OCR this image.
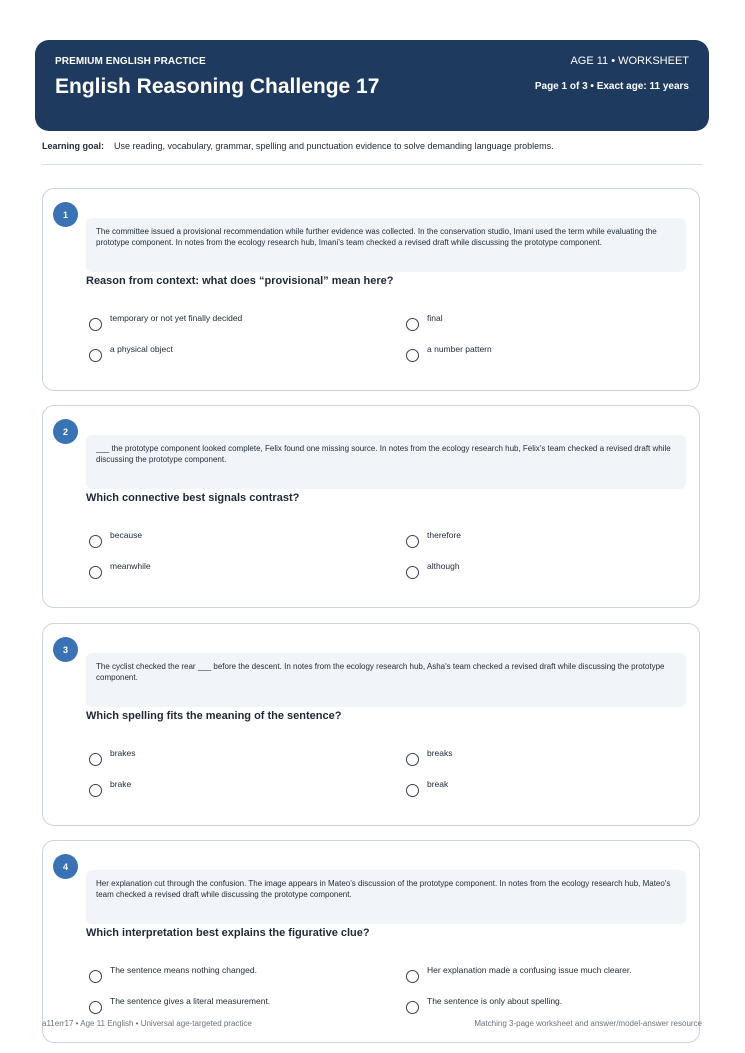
PREMIUM ENGLISH PRACTICE
English Reasoning Challenge 17
AGE 11 • WORKSHEET
Page 1 of 3 • Exact age: 11 years
Learning goal: Use reading, vocabulary, grammar, spelling and punctuation evidence to solve demanding language problems.
1
The committee issued a provisional recommendation while further evidence was collected. In the conservation studio, Imani used the term while evaluating the prototype component. In notes from the ecology research hub, Imani's team checked a revised draft while discussing the prototype component.
Reason from context: what does “provisional” mean here?
temporary or not yet finally decided	final
a physical object	a number pattern
2
___ the prototype component looked complete, Felix found one missing source. In notes from the ecology research hub, Felix's team checked a revised draft while discussing the prototype component.
Which connective best signals contrast?
because	therefore
meanwhile	although
3
The cyclist checked the rear ___ before the descent. In notes from the ecology research hub, Asha's team checked a revised draft while discussing the prototype component.
Which spelling fits the meaning of the sentence?
brakes	breaks
brake	break
4
Her explanation cut through the confusion. The image appears in Mateo's discussion of the prototype component. In notes from the ecology research hub, Mateo's team checked a revised draft while discussing the prototype component.
Which interpretation best explains the figurative clue?
The sentence means nothing changed.	Her explanation made a confusing issue much clearer.
The sentence gives a literal measurement.	The sentence is only about spelling.
a11err17 • Age 11 English • Universal age-targeted practice	Matching 3-page worksheet and answer/model-answer resource
